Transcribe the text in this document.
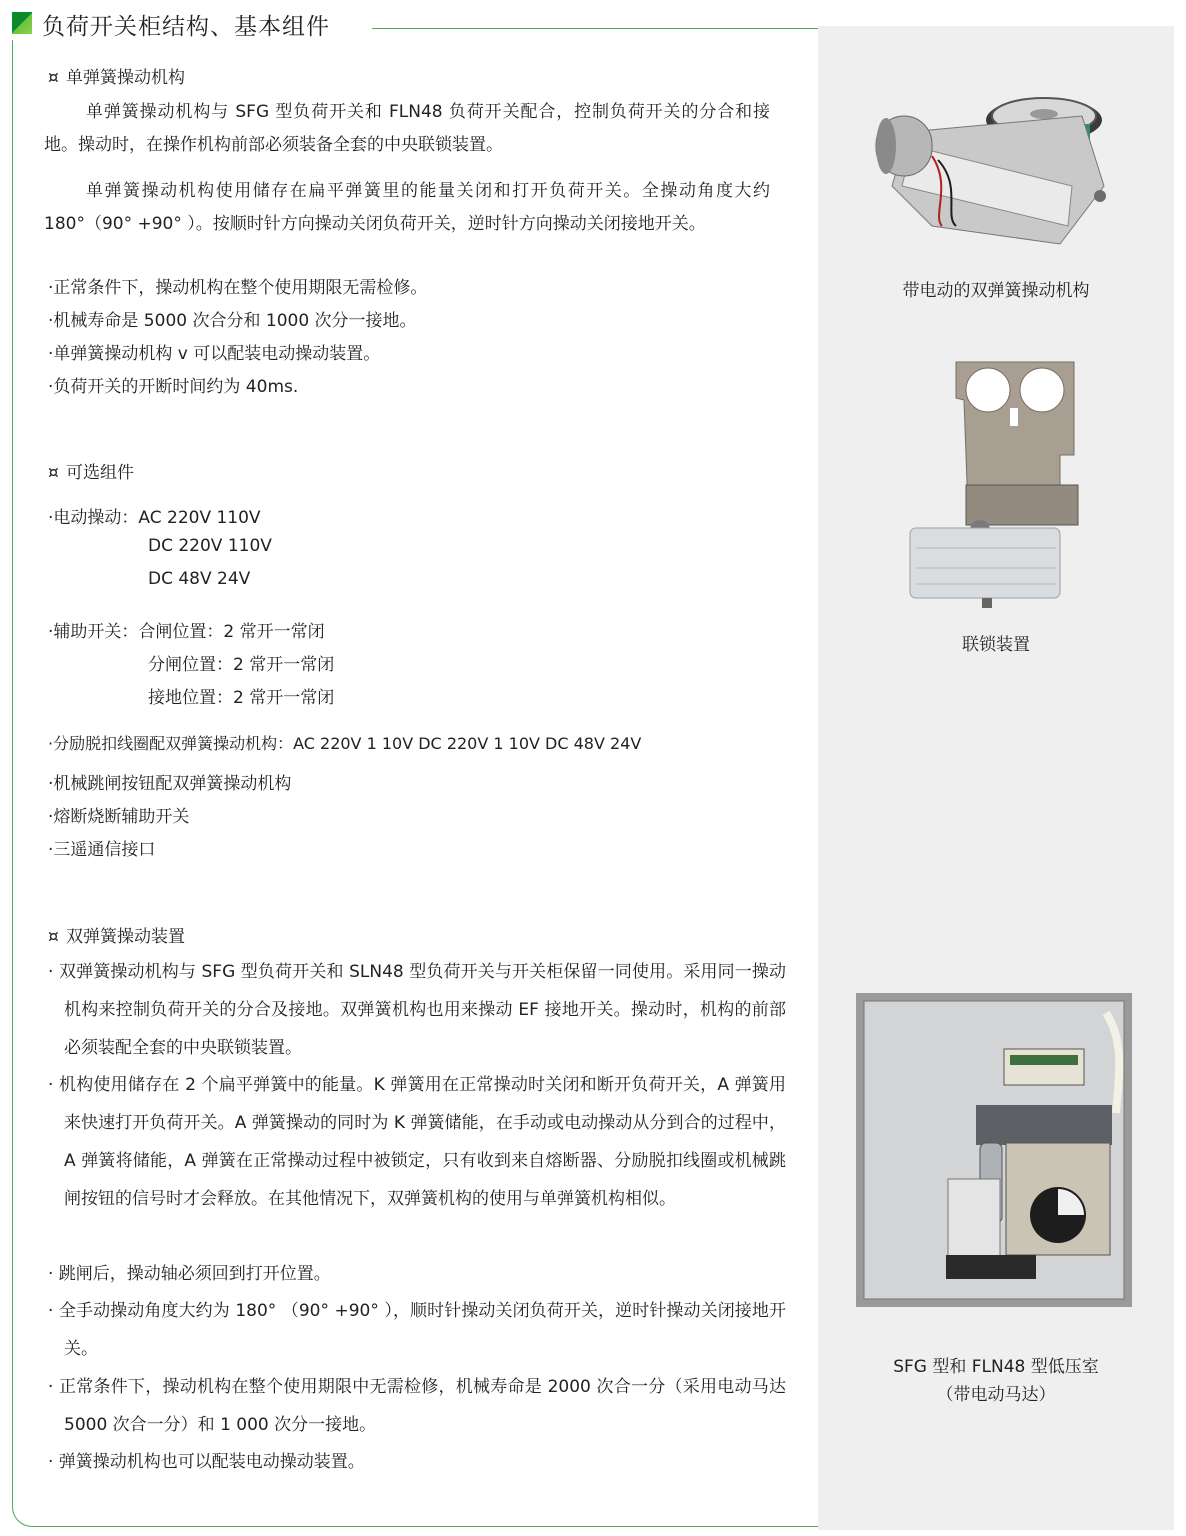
负荷开关柜结构、基本组件
¤ 单弹簧操动机构
单弹簧操动机构与 SFG 型负荷开关和 FLN48 负荷开关配合，控制负荷开关的分合和接地。操动时，在操作机构前部必须装备全套的中央联锁装置。
单弹簧操动机构使用储存在扁平弹簧里的能量关闭和打开负荷开关。全操动角度大约 180°（90° +90° ）。按顺时针方向操动关闭负荷开关，逆时针方向操动关闭接地开关。
·正常条件下，操动机构在整个使用期限无需检修。
·机械寿命是 5000 次合分和 1000 次分一接地。
·单弹簧操动机构 v 可以配装电动操动装置。
·负荷开关的开断时间约为 40ms.
¤ 可选组件
·电动操动：AC 220V 110V
DC 220V 110V
DC 48V 24V
·辅助开关：合闸位置：2 常开一常闭
分闸位置：2 常开一常闭
接地位置：2 常开一常闭
·分励脱扣线圈配双弹簧操动机构：AC 220V 1 10V DC 220V 1 10V DC 48V 24V
·机械跳闸按钮配双弹簧操动机构
·熔断烧断辅助开关
·三遥通信接口
¤ 双弹簧操动装置
· 双弹簧操动机构与 SFG 型负荷开关和 SLN48 型负荷开关与开关柜保留一同使用。采用同一操动机构来控制负荷开关的分合及接地。双弹簧机构也用来操动 EF 接地开关。操动时，机构的前部必须装配全套的中央联锁装置。
· 机构使用储存在 2 个扁平弹簧中的能量。K 弹簧用在正常操动时关闭和断开负荷开关，A 弹簧用来快速打开负荷开关。A 弹簧操动的同时为 K 弹簧储能，在手动或电动操动从分到合的过程中，A 弹簧将储能，A 弹簧在正常操动过程中被锁定，只有收到来自熔断器、分励脱扣线圈或机械跳闸按钮的信号时才会释放。在其他情况下，双弹簧机构的使用与单弹簧机构相似。
· 跳闸后，操动轴必须回到打开位置。
· 全手动操动角度大约为 180° （90° +90° ），顺时针操动关闭负荷开关，逆时针操动关闭接地开关。
· 正常条件下，操动机构在整个使用期限中无需检修，机械寿命是 2000 次合一分（采用电动马达 5000 次合一分）和 1 000 次分一接地。
· 弹簧操动机构也可以配装电动操动装置。
带电动的双弹簧操动机构
联锁装置
SFG 型和 FLN48 型低压室
（带电动马达）
